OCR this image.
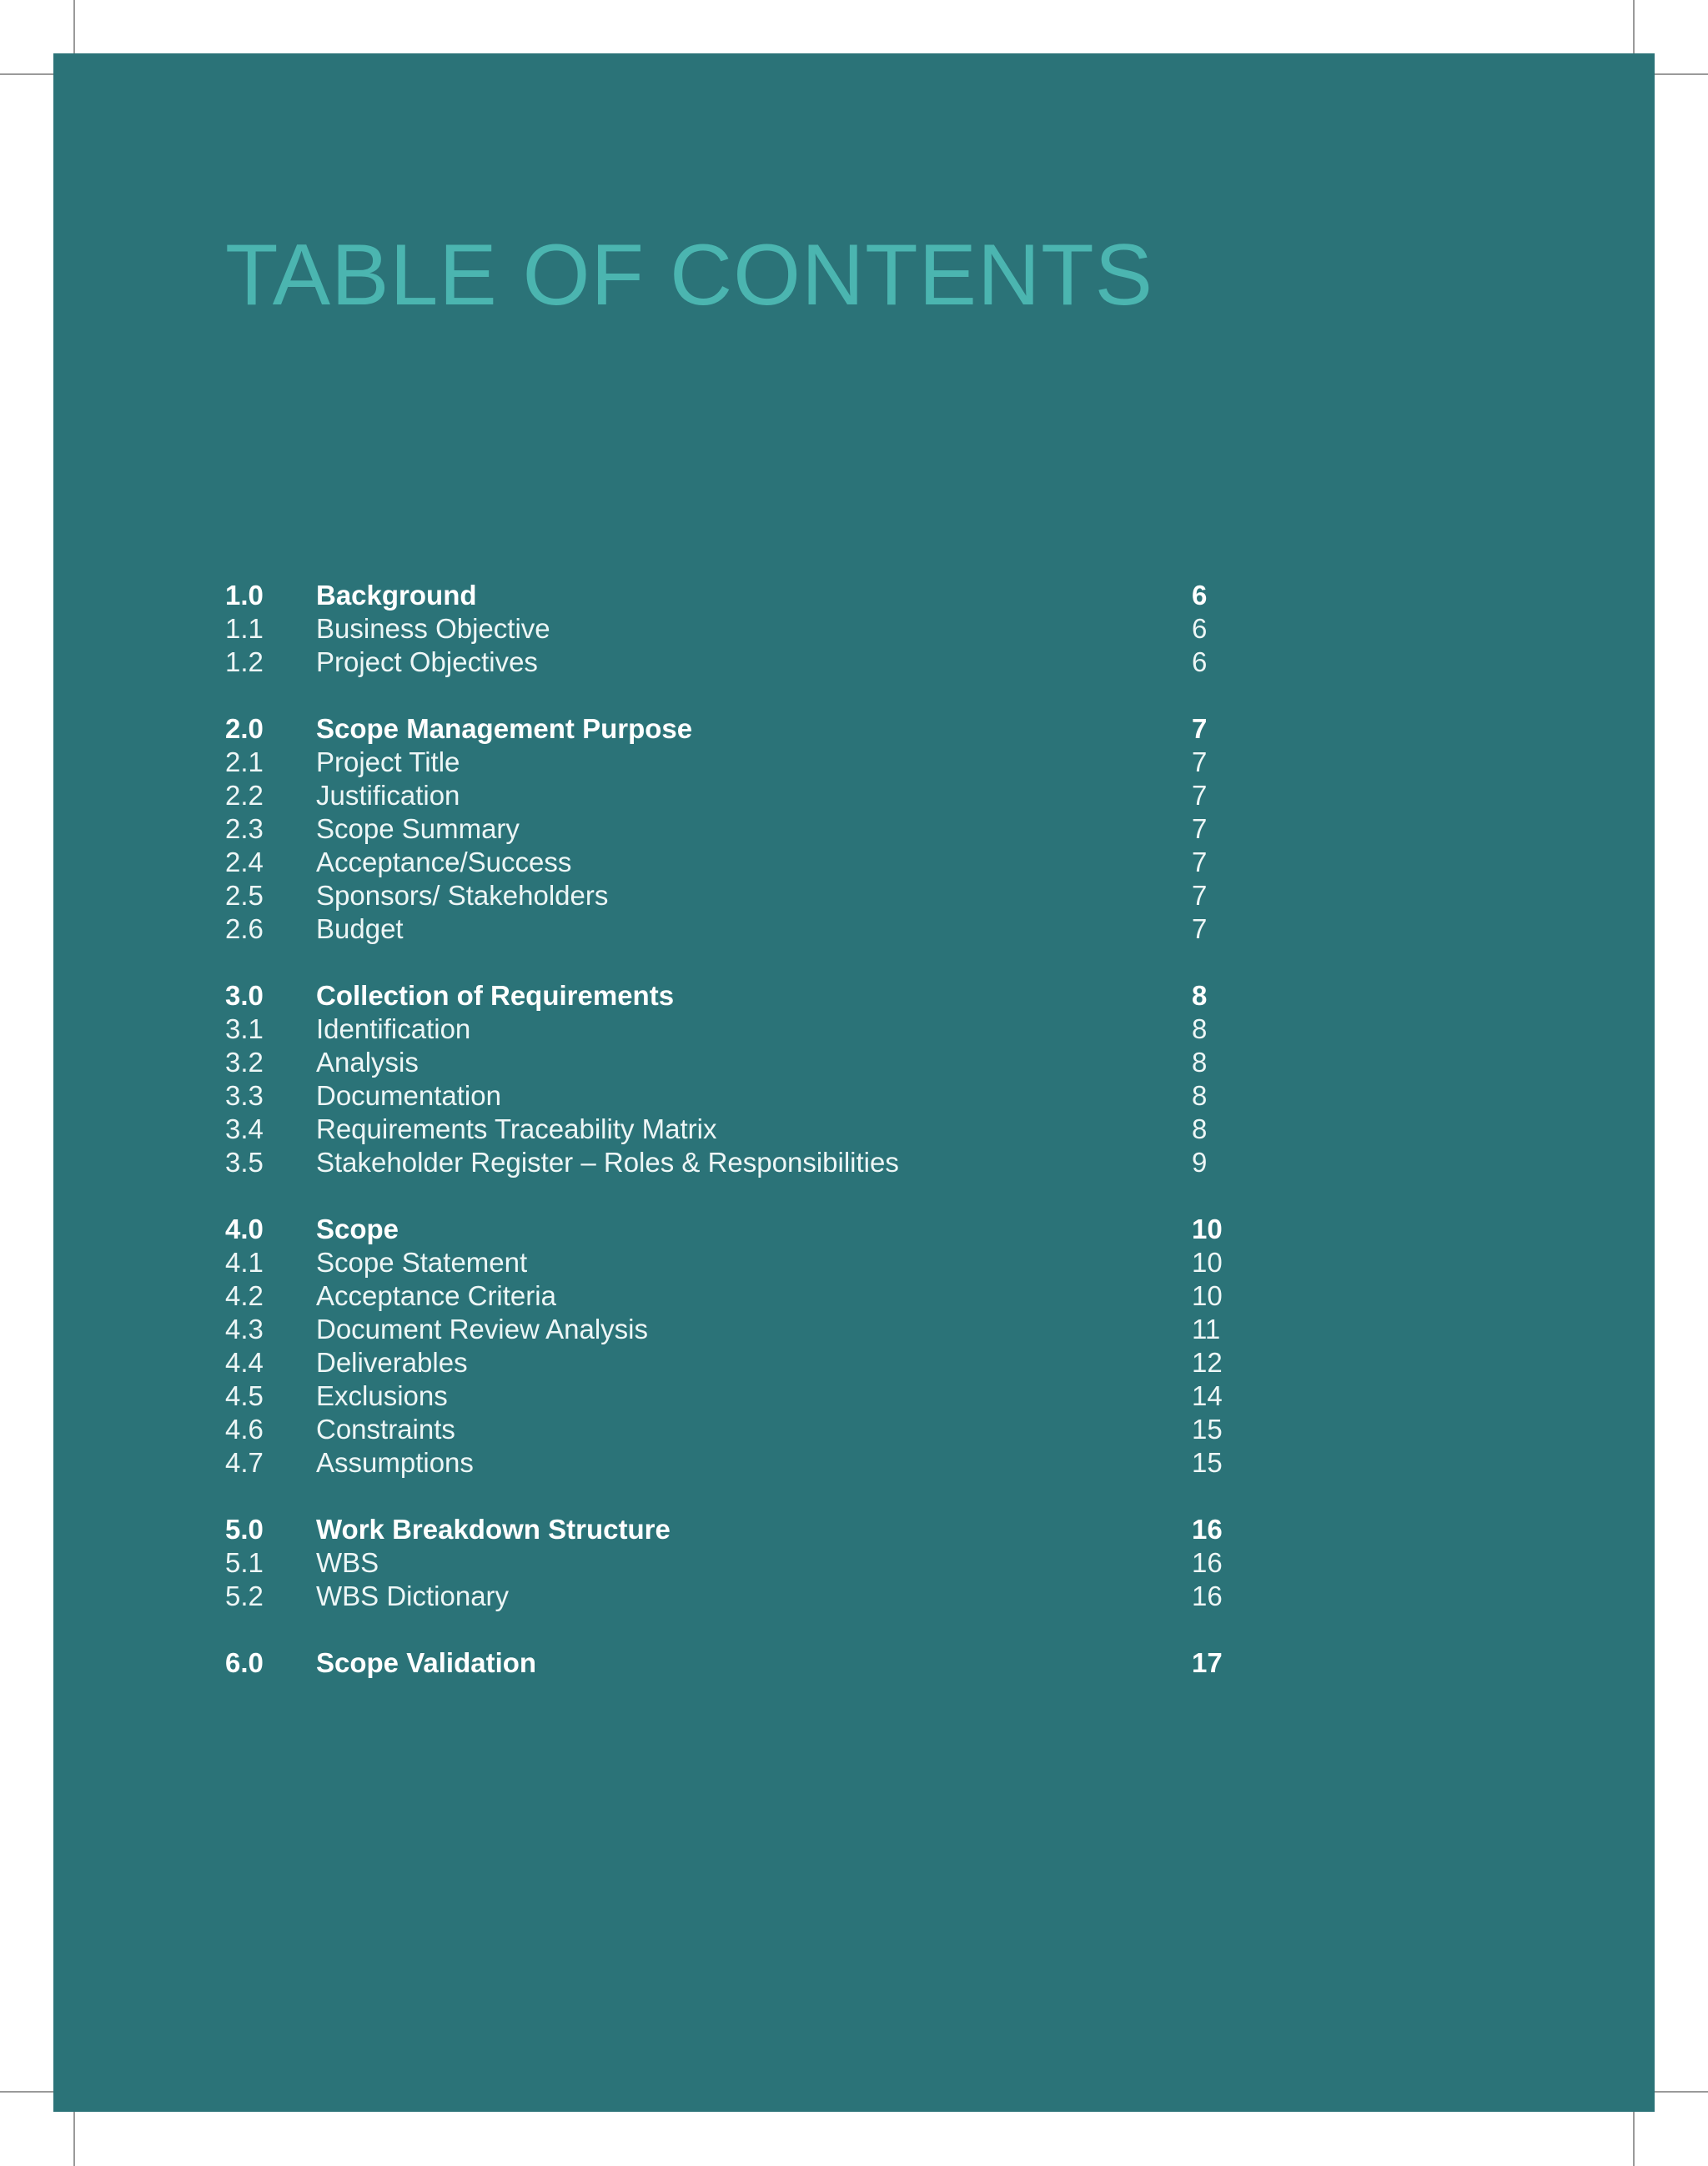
TABLE OF CONTENTS
1.0 Background	6
1.1 Business Objective	6
1.2 Project Objectives	6
2.0 Scope Management Purpose	7
2.1 Project Title	7
2.2 Justification	7
2.3 Scope Summary	7
2.4 Acceptance/Success	7
2.5 Sponsors/ Stakeholders	7
2.6 Budget	7
3.0 Collection of Requirements	8
3.1 Identification	8
3.2 Analysis	8
3.3 Documentation	8
3.4 Requirements Traceability Matrix	8
3.5 Stakeholder Register – Roles & Responsibilities	9
4.0 Scope	10
4.1 Scope Statement	10
4.2 Acceptance Criteria	10
4.3 Document Review Analysis	11
4.4 Deliverables	12
4.5 Exclusions	14
4.6 Constraints	15
4.7 Assumptions	15
5.0 Work Breakdown Structure	16
5.1 WBS	16
5.2 WBS Dictionary	16
6.0 Scope Validation	17
